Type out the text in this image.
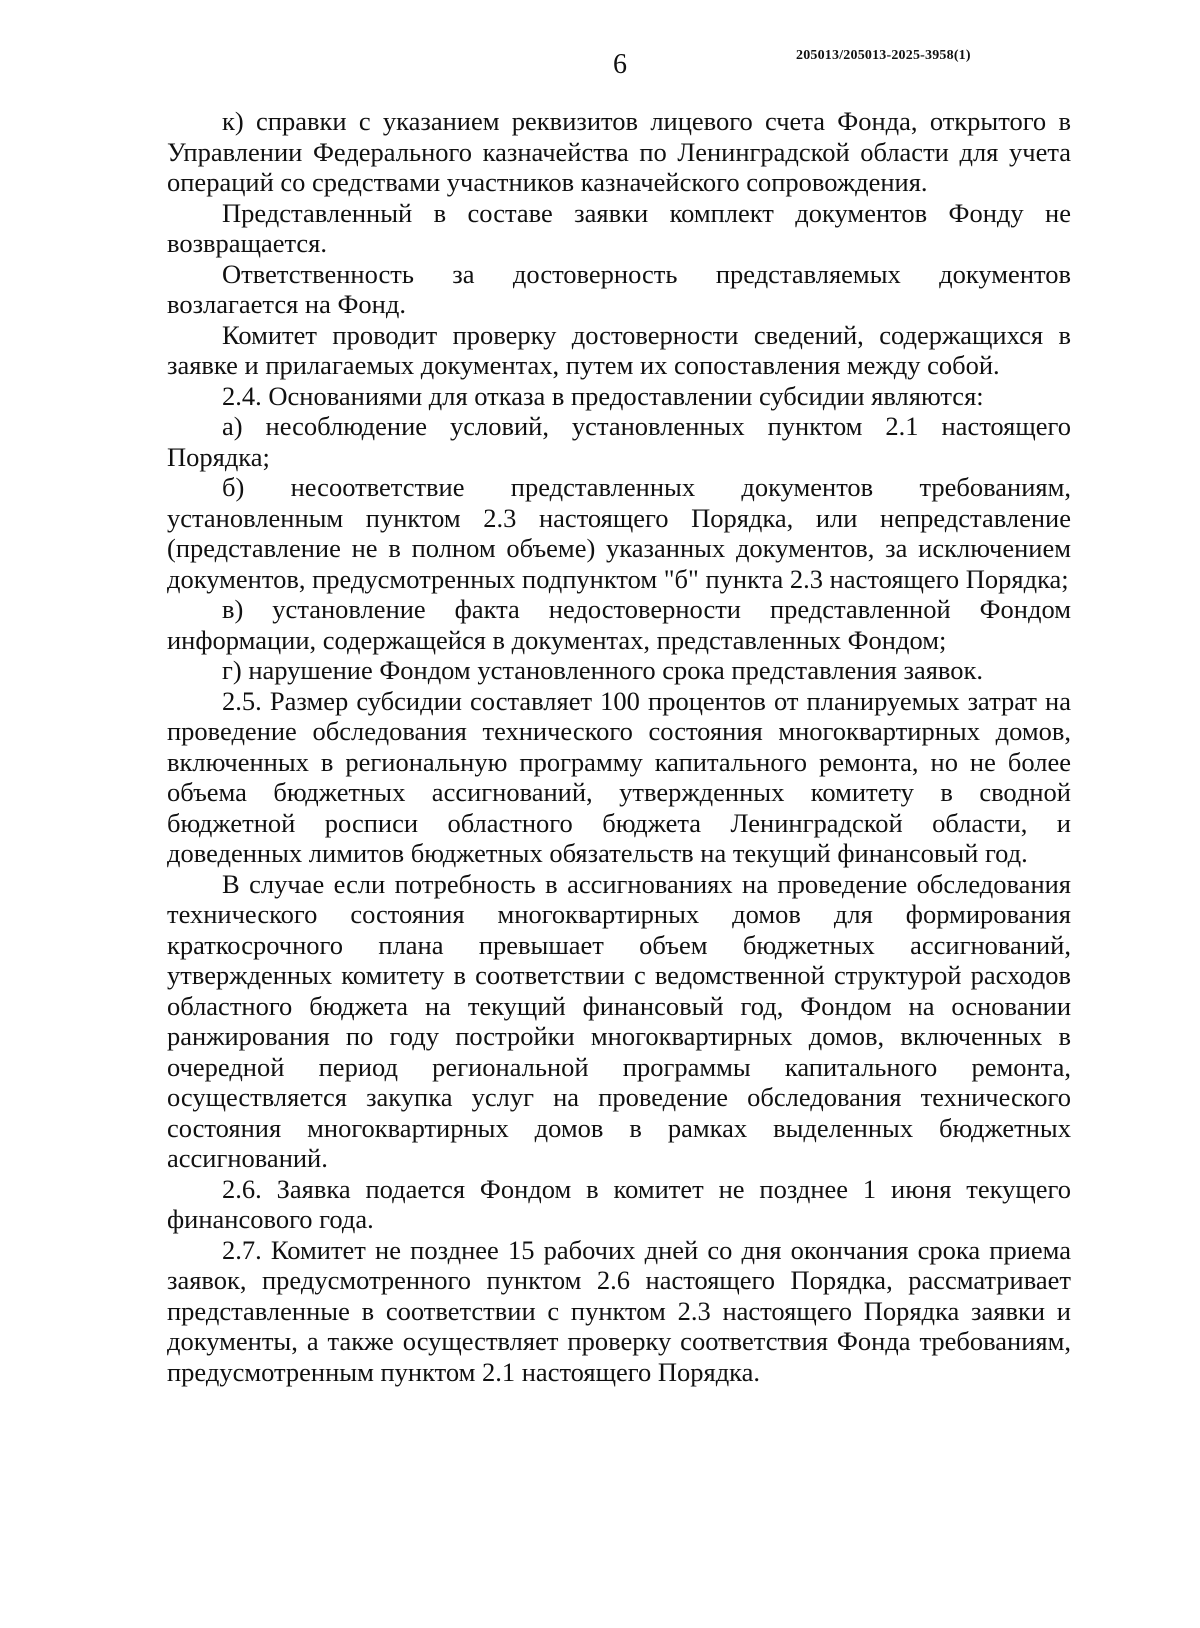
6	205013/205013-2025-3958(1)

к) справки с указанием реквизитов лицевого счета Фонда, открытого в Управлении Федерального казначейства по Ленинградской области для учета операций со средствами участников казначейского сопровождения.

Представленный в составе заявки комплект документов Фонду не возвращается.

Ответственность за достоверность представляемых документов возлагается на Фонд.

Комитет проводит проверку достоверности сведений, содержащихся в заявке и прилагаемых документах, путем их сопоставления между собой.

2.4. Основаниями для отказа в предоставлении субсидии являются:

а) несоблюдение условий, установленных пунктом 2.1 настоящего Порядка;

б) несоответствие представленных документов требованиям, установленным пунктом 2.3 настоящего Порядка, или непредставление (представление не в полном объеме) указанных документов, за исключением документов, предусмотренных подпунктом "б" пункта 2.3 настоящего Порядка;

в) установление факта недостоверности представленной Фондом информации, содержащейся в документах, представленных Фондом;

г) нарушение Фондом установленного срока представления заявок.

2.5. Размер субсидии составляет 100 процентов от планируемых затрат на проведение обследования технического состояния многоквартирных домов, включенных в региональную программу капитального ремонта, но не более объема бюджетных ассигнований, утвержденных комитету в сводной бюджетной росписи областного бюджета Ленинградской области, и доведенных лимитов бюджетных обязательств на текущий финансовый год.

В случае если потребность в ассигнованиях на проведение обследования технического состояния многоквартирных домов для формирования краткосрочного плана превышает объем бюджетных ассигнований, утвержденных комитету в соответствии с ведомственной структурой расходов областного бюджета на текущий финансовый год, Фондом на основании ранжирования по году постройки многоквартирных домов, включенных в очередной период региональной программы капитального ремонта, осуществляется закупка услуг на проведение обследования технического состояния многоквартирных домов в рамках выделенных бюджетных ассигнований.

2.6. Заявка подается Фондом в комитет не позднее 1 июня текущего финансового года.

2.7. Комитет не позднее 15 рабочих дней со дня окончания срока приема заявок, предусмотренного пунктом 2.6 настоящего Порядка, рассматривает представленные в соответствии с пунктом 2.3 настоящего Порядка заявки и документы, а также осуществляет проверку соответствия Фонда требованиям, предусмотренным пунктом 2.1 настоящего Порядка.
